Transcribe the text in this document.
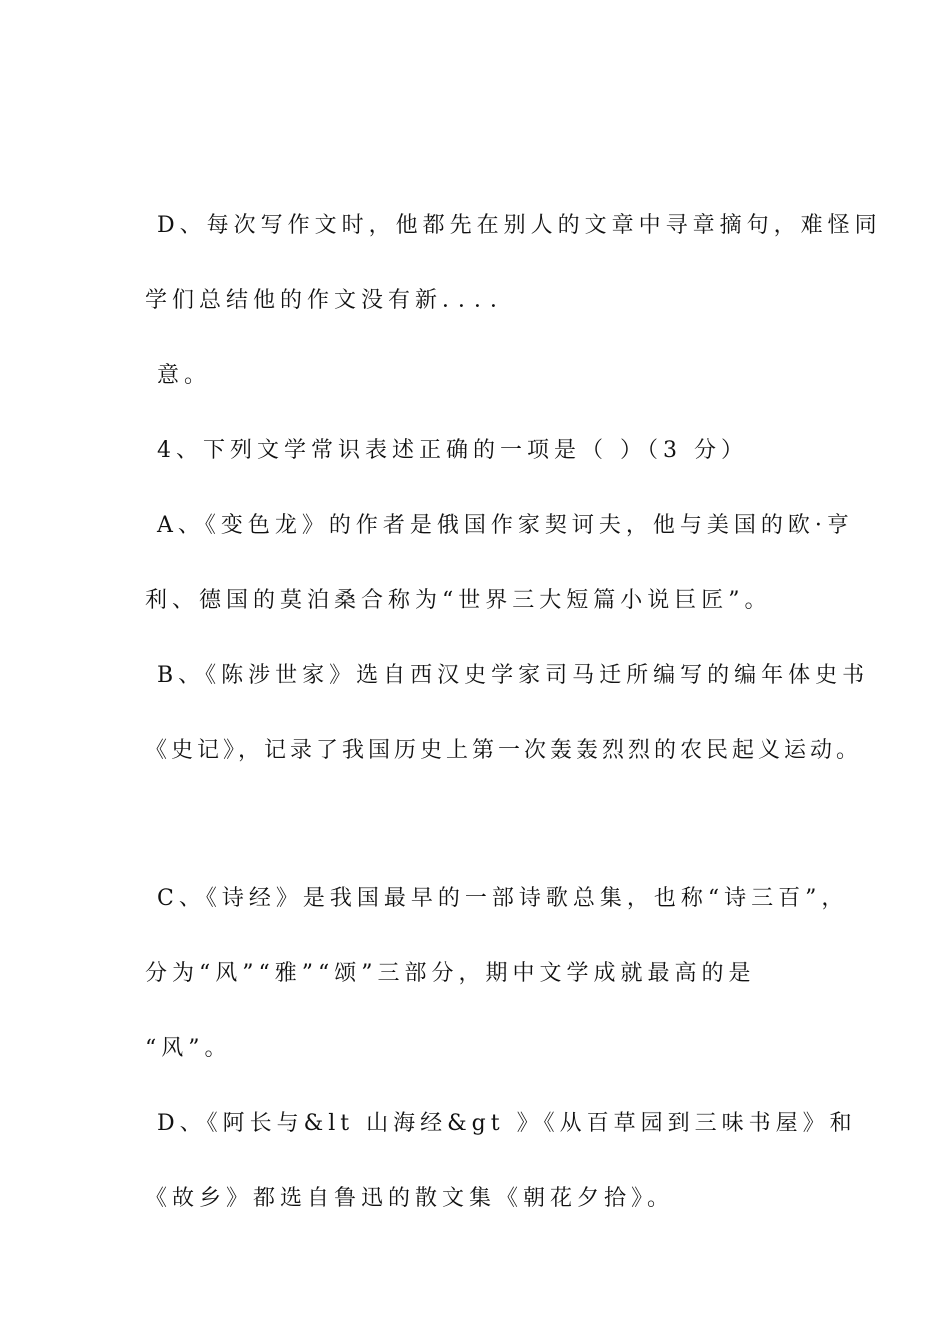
D、每次写作文时，他都先在别人的文章中寻章摘句，难怪同
学们总结他的作文没有新．．．．
意。
4、下列文学常识表述正确的一项是（ ）（3 分）
A、《变色龙》的作者是俄国作家契诃夫，他与美国的欧·亨
利、德国的莫泊桑合称为“世界三大短篇小说巨匠”。
B、《陈涉世家》选自西汉史学家司马迁所编写的编年体史书
《史记》，记录了我国历史上第一次轰轰烈烈的农民起义运动。
C、《诗经》是我国最早的一部诗歌总集，也称“诗三百”，
分为“风”“雅”“颂”三部分，期中文学成就最高的是
“风”。
D、《阿长与&lt 山海经&gt 》《从百草园到三味书屋》和
《故乡》都选自鲁迅的散文集《朝花夕拾》。
